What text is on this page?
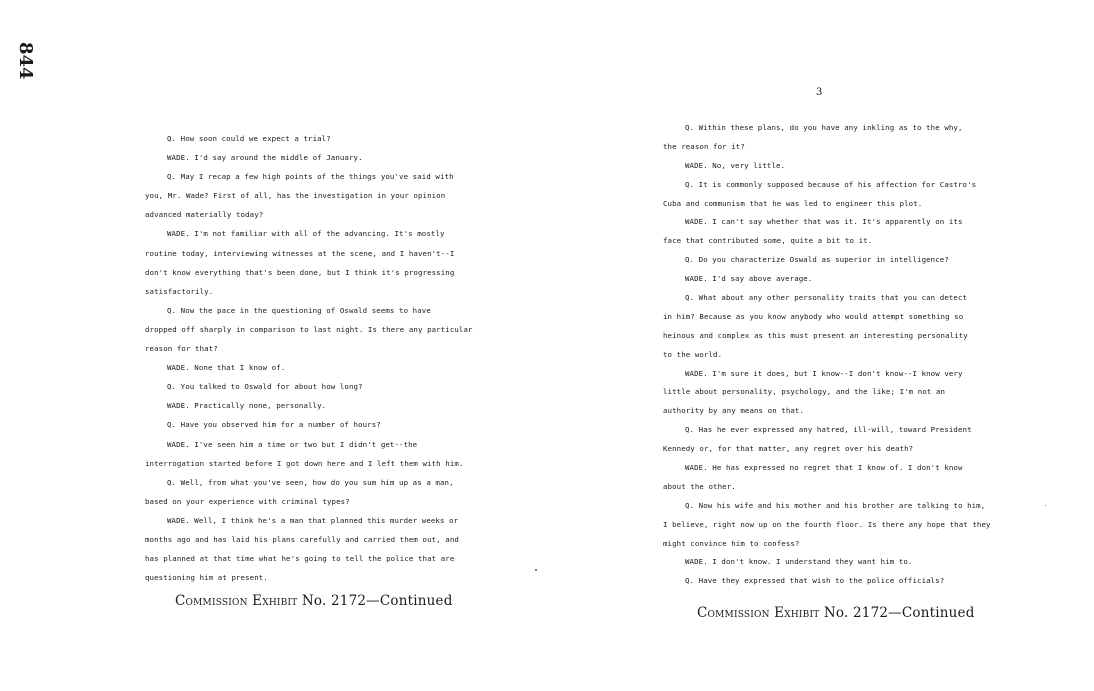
844
3
Q. How soon could we expect a trial?
WADE. I'd say around the middle of January.
Q. May I recap a few high points of the things you've said with
you, Mr. Wade? First of all, has the investigation in your opinion
advanced materially today?
WADE. I'm not familiar with all of the advancing. It's mostly
routine today, interviewing witnesses at the scene, and I haven't--I
don't know everything that's been done, but I think it's progressing
satisfactorily.
Q. Now the pace in the questioning of Oswald seems to have
dropped off sharply in comparison to last night. Is there any particular
reason for that?
WADE. None that I know of.
Q. You talked to Oswald for about how long?
WADE. Practically none, personally.
Q. Have you observed him for a number of hours?
WADE. I've seen him a time or two but I didn't get--the
interrogation started before I got down here and I left them with him.
Q. Well, from what you've seen, how do you sum him up as a man,
based on your experience with criminal types?
WADE. Well, I think he's a man that planned this murder weeks or
months ago and has laid his plans carefully and carried them out, and
has planned at that time what he's going to tell the police that are
questioning him at present.
Q. Within these plans, do you have any inkling as to the why,
the reason for it?
WADE. No, very little.
Q. It is commonly supposed because of his affection for Castro's
Cuba and communism that he was led to engineer this plot.
WADE. I can't say whether that was it. It's apparently on its
face that contributed some, quite a bit to it.
Q. Do you characterize Oswald as superior in intelligence?
WADE. I'd say above average.
Q. What about any other personality traits that you can detect
in him? Because as you know anybody who would attempt something so
heinous and complex as this must present an interesting personality
to the world.
WADE. I'm sure it does, but I know--I don't know--I know very
little about personality, psychology, and the like; I'm not an
authority by any means on that.
Q. Has he ever expressed any hatred, ill-will, toward President
Kennedy or, for that matter, any regret over his death?
WADE. He has expressed no regret that I know of. I don't know
about the other.
Q. Now his wife and his mother and his brother are talking to him,
I believe, right now up on the fourth floor. Is there any hope that they
might convince him to confess?
WADE. I don't know. I understand they want him to.
Q. Have they expressed that wish to the police officials?
Commission Exhibit No. 2172—Continued
Commission Exhibit No. 2172—Continued
